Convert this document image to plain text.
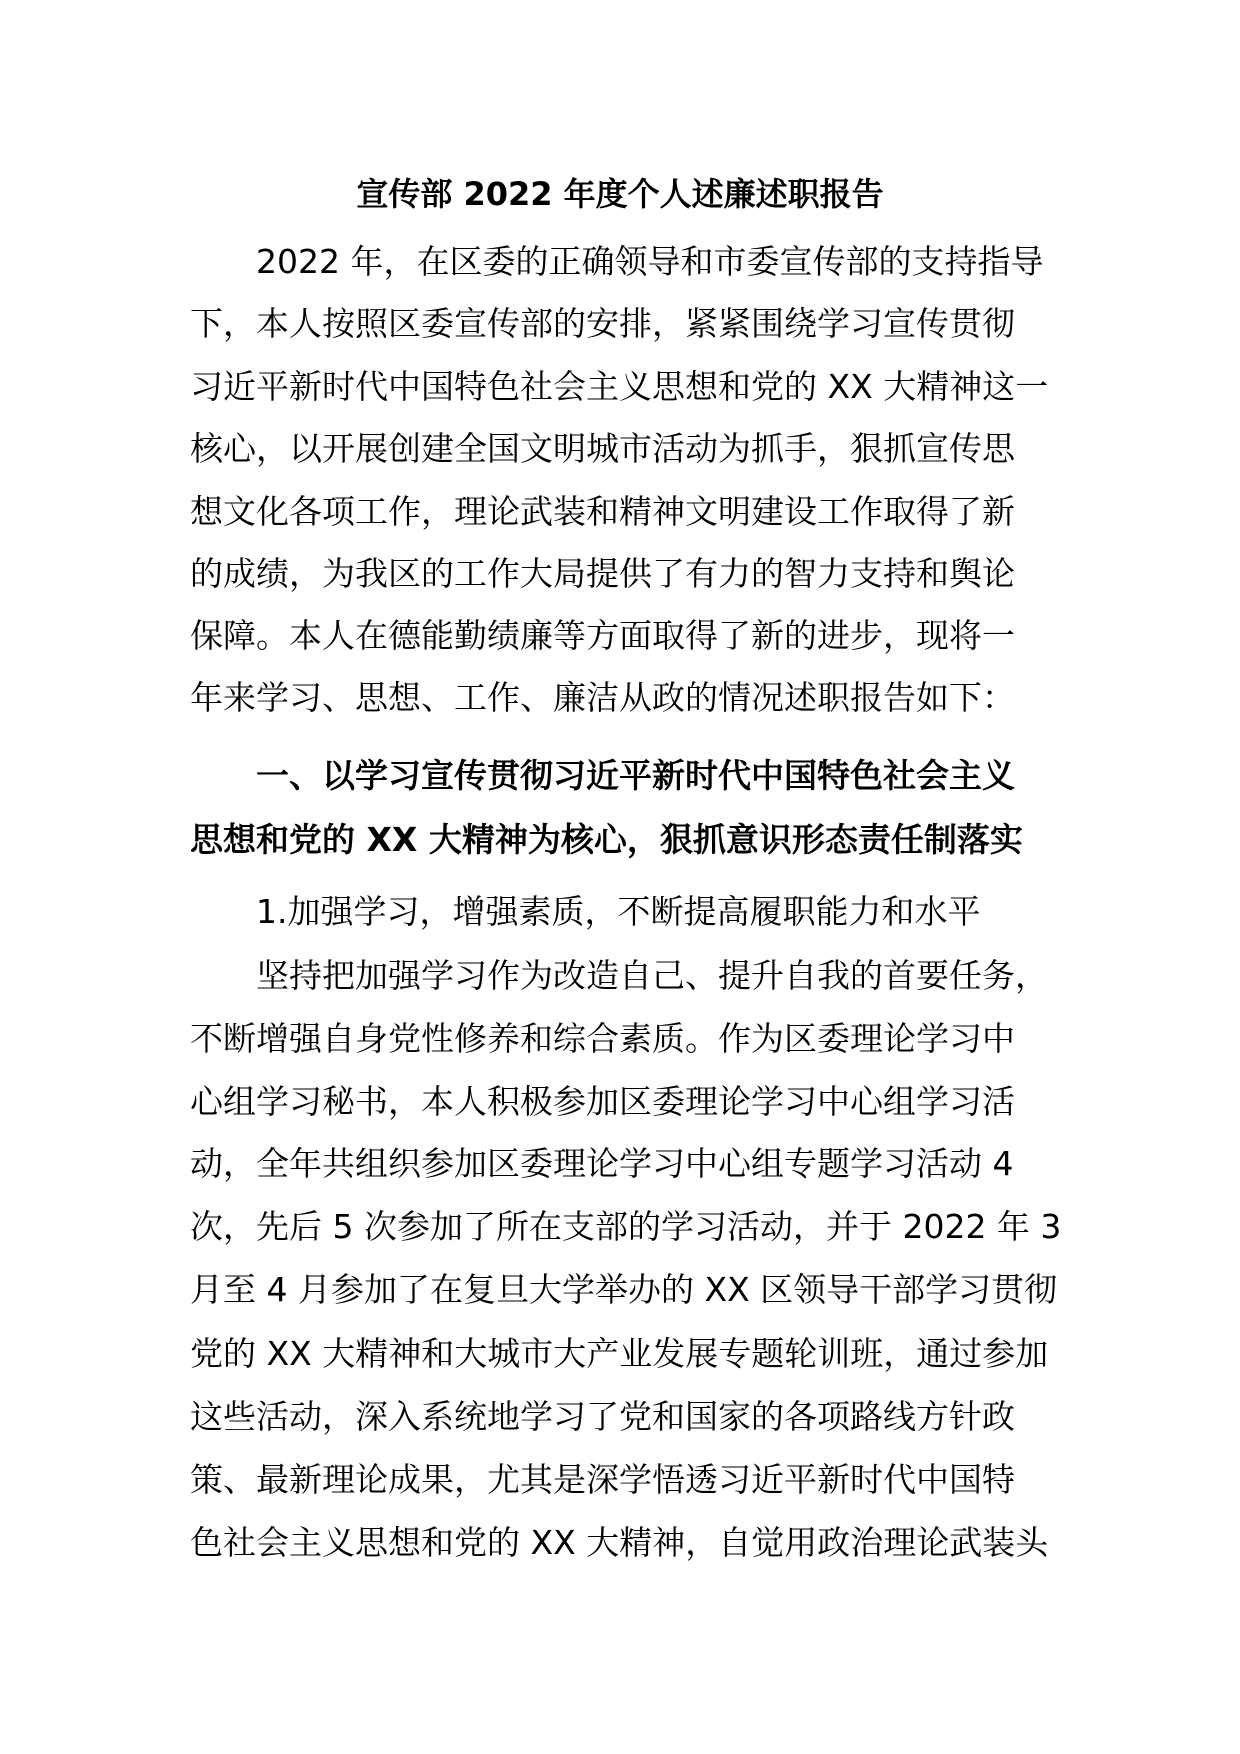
宣传部 2022 年度个人述廉述职报告
2022 年，在区委的正确领导和市委宣传部的支持指导
下，本人按照区委宣传部的安排，紧紧围绕学习宣传贯彻
习近平新时代中国特色社会主义思想和党的 XX 大精神这一
核心，以开展创建全国文明城市活动为抓手，狠抓宣传思
想文化各项工作，理论武装和精神文明建设工作取得了新
的成绩，为我区的工作大局提供了有力的智力支持和舆论
保障。本人在德能勤绩廉等方面取得了新的进步，现将一
年来学习、思想、工作、廉洁从政的情况述职报告如下：
一、以学习宣传贯彻习近平新时代中国特色社会主义
思想和党的 XX 大精神为核心，狠抓意识形态责任制落实
1.加强学习，增强素质，不断提高履职能力和水平
坚持把加强学习作为改造自己、提升自我的首要任务，
不断增强自身党性修养和综合素质。作为区委理论学习中
心组学习秘书，本人积极参加区委理论学习中心组学习活
动，全年共组织参加区委理论学习中心组专题学习活动 4
次，先后 5 次参加了所在支部的学习活动，并于 2022 年 3
月至 4 月参加了在复旦大学举办的 XX 区领导干部学习贯彻
党的 XX 大精神和大城市大产业发展专题轮训班，通过参加
这些活动，深入系统地学习了党和国家的各项路线方针政
策、最新理论成果，尤其是深学悟透习近平新时代中国特
色社会主义思想和党的 XX 大精神，自觉用政治理论武装头
